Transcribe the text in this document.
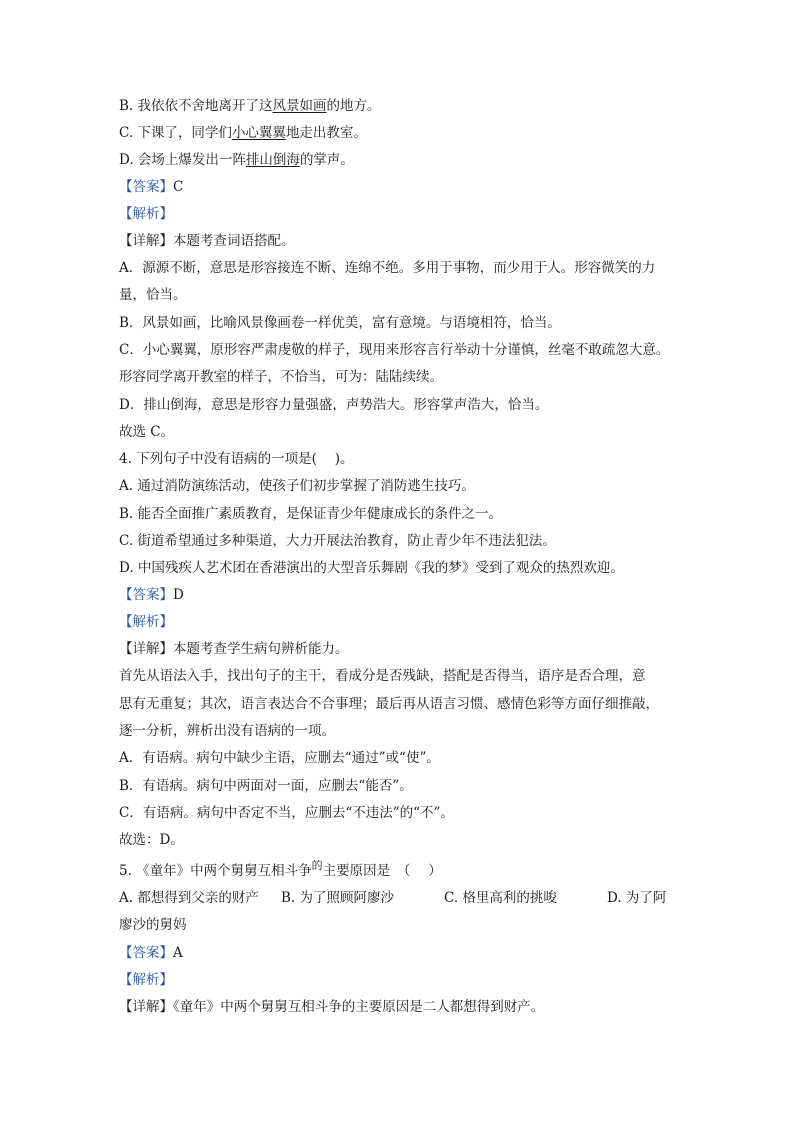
B. 我依依不舍地离开了这风景如画的地方。
C. 下课了，同学们小心翼翼地走出教室。
D. 会场上爆发出一阵排山倒海的掌声。
【答案】C
【解析】
【详解】本题考查词语搭配。
A．源源不断，意思是形容接连不断、连绵不绝。多用于事物，而少用于人。形容微笑的力
量，恰当。
B．风景如画，比喻风景像画卷一样优美，富有意境。与语境相符，恰当。
C．小心翼翼，原形容严肃虔敬的样子，现用来形容言行举动十分谨慎，丝毫不敢疏忽大意。
形容同学离开教室的样子，不恰当，可为：陆陆续续。
D．排山倒海，意思是形容力量强盛，声势浩大。形容掌声浩大，恰当。
故选 C。
4. 下列句子中没有语病的一项是(　 )。
A. 通过消防演练活动，使孩子们初步掌握了消防逃生技巧。
B. 能否全面推广素质教育，是保证青少年健康成长的条件之一。
C. 街道希望通过多种渠道，大力开展法治教育，防止青少年不违法犯法。
D. 中国残疾人艺术团在香港演出的大型音乐舞剧《我的梦》受到了观众的热烈欢迎。
【答案】D
【解析】
【详解】本题考查学生病句辨析能力。
首先从语法入手，找出句子的主干，看成分是否残缺，搭配是否得当，语序是否合理，意
思有无重复；其次，语言表达合不合事理；最后再从语言习惯、感情色彩等方面仔细推敲，
逐一分析，辨析出没有语病的一项。
A．有语病。病句中缺少主语，应删去“通过”或“使”。
B．有语病。病句中两面对一面，应删去“能否”。
C．有语病。病句中否定不当，应删去“不违法”的“不”。
故选：D。
5. 《童年》中两个舅舅互相斗争$^的$主要原因是　（　 ）
A. 都想得到父亲的财产 B. 为了照顾阿廖沙	C. 格里高利的挑唆	D. 为了阿
廖沙的舅妈
【答案】A
【解析】
【详解】《童年》中两个舅舅互相斗争的主要原因是二人都想得到财产。
